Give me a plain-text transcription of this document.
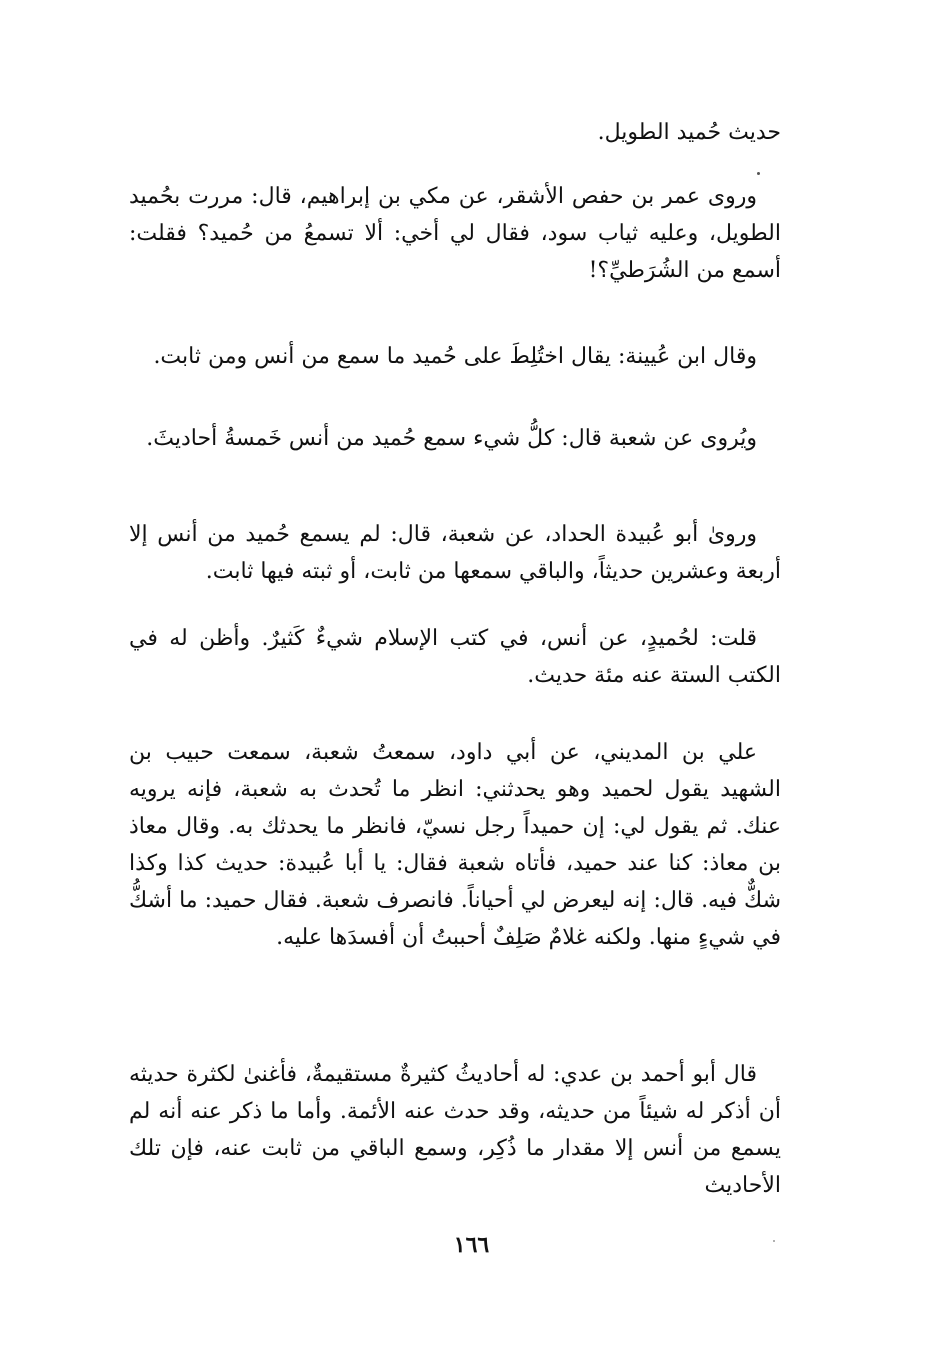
حديث حُميد الطويل.

وروى عمر بن حفص الأشقر، عن مكي بن إبراهيم، قال: مررت بحُميد الطويل، وعليه ثياب سود، فقال لي أخي: ألا تسمعُ من حُميد؟ فقلت: أسمع من الشُرَطيِّ؟!

وقال ابن عُيينة: يقال اختُلِطَ على حُميد ما سمع من أنس ومن ثابت.

ويُروى عن شعبة قال: كلُّ شيء سمع حُميد من أنس خَمسةُ أحاديثَ.

وروىٰ أبو عُبيدة الحداد، عن شعبة، قال: لم يسمع حُميد من أنس إلا أربعة وعشرين حديثاً، والباقي سمعها من ثابت، أو ثبته فيها ثابت.

قلت: لحُميدٍ، عن أنس، في كتب الإسلام شيءٌ كَثيرٌ. وأظن له في الكتب الستة عنه مئة حديث.

علي بن المديني، عن أبي داود، سمعتُ شعبة، سمعت حبيب بن الشهيد يقول لحميد وهو يحدثني: انظر ما تُحدث به شعبة، فإنه يرويه عنك. ثم يقول لي: إن حميداً رجل نسيّ، فانظر ما يحدثك به. وقال معاذ بن معاذ: كنا عند حميد، فأتاه شعبة فقال: يا أبا عُبيدة: حديث كذا وكذا شكٌّ فيه. قال: إنه ليعرض لي أحياناً. فانصرف شعبة. فقال حميد: ما أشكُّ في شيءٍ منها. ولكنه غلامٌ صَلِفٌ أحببتُ أن أفسدَها عليه.

قال أبو أحمد بن عدي: له أحاديثُ كثيرةٌ مستقيمةٌ، فأغنىٰ لكثرة حديثه أن أذكر له شيئاً من حديثه، وقد حدث عنه الأئمة. وأما ما ذكر عنه أنه لم يسمع من أنس إلا مقدار ما ذُكِر، وسمع الباقي من ثابت عنه، فإن تلك الأحاديث

١٦٦
